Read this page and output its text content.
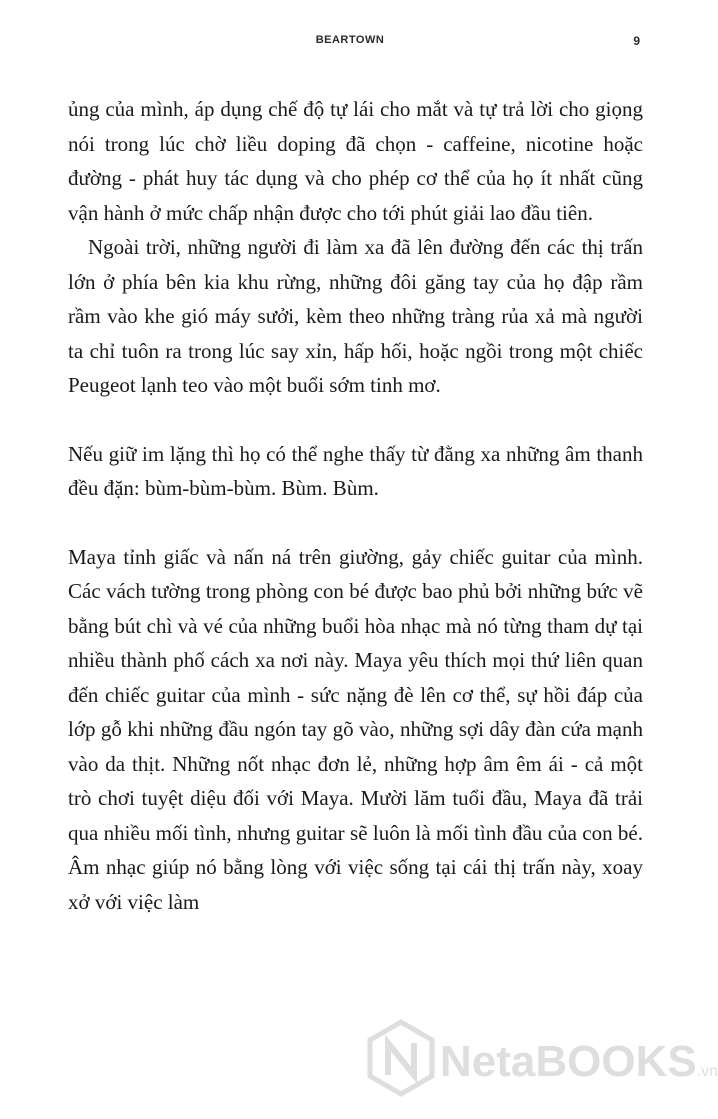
BEARTOWN	9

ủng của mình, áp dụng chế độ tự lái cho mắt và tự trả lời cho giọng nói trong lúc chờ liều doping đã chọn - caffeine, nicotine hoặc đường - phát huy tác dụng và cho phép cơ thể của họ ít nhất cũng vận hành ở mức chấp nhận được cho tới phút giải lao đầu tiên.

Ngoài trời, những người đi làm xa đã lên đường đến các thị trấn lớn ở phía bên kia khu rừng, những đôi găng tay của họ đập rầm rầm vào khe gió máy sưởi, kèm theo những tràng rủa xả mà người ta chỉ tuôn ra trong lúc say xỉn, hấp hối, hoặc ngồi trong một chiếc Peugeot lạnh teo vào một buổi sớm tinh mơ.

Nếu giữ im lặng thì họ có thể nghe thấy từ đằng xa những âm thanh đều đặn: bùm-bùm-bùm. Bùm. Bùm.

Maya tỉnh giấc và nấn ná trên giường, gảy chiếc guitar của mình. Các vách tường trong phòng con bé được bao phủ bởi những bức vẽ bằng bút chì và vé của những buổi hòa nhạc mà nó từng tham dự tại nhiều thành phố cách xa nơi này. Maya yêu thích mọi thứ liên quan đến chiếc guitar của mình - sức nặng đè lên cơ thể, sự hồi đáp của lớp gỗ khi những đầu ngón tay gõ vào, những sợi dây đàn cứa mạnh vào da thịt. Những nốt nhạc đơn lẻ, những hợp âm êm ái - cả một trò chơi tuyệt diệu đối với Maya. Mười lăm tuổi đầu, Maya đã trải qua nhiều mối tình, nhưng guitar sẽ luôn là mối tình đầu của con bé. Âm nhạc giúp nó bằng lòng với việc sống tại cái thị trấn này, xoay xở với việc làm

NetaBOOKS.vn
